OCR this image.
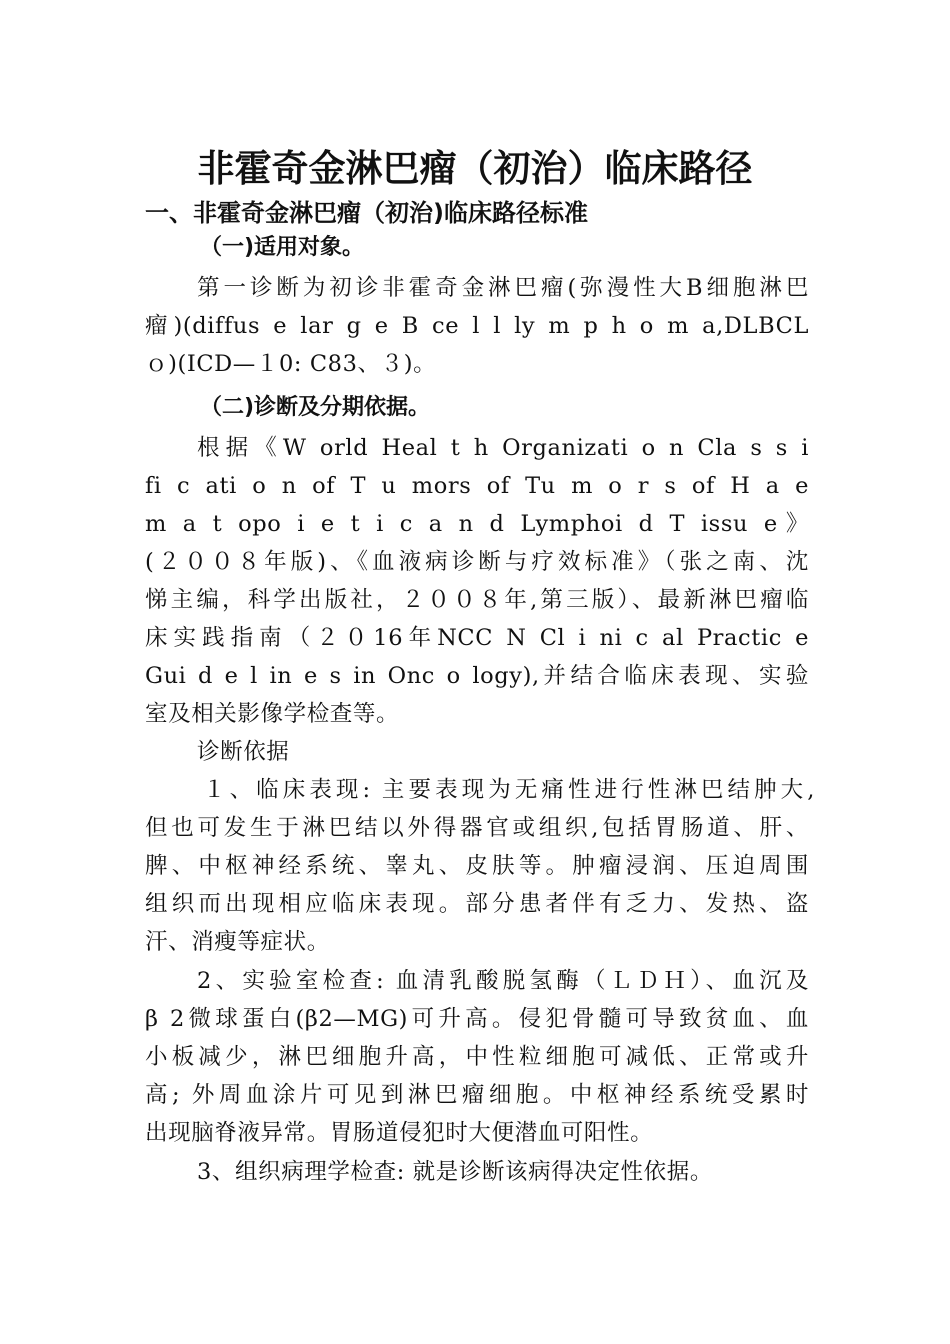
非霍奇金淋巴瘤（初治）临床路径
一、非霍奇金淋巴瘤（初治)临床路径标准
（一)适用对象。
第一诊断为初诊非霍奇金淋巴瘤(弥漫性大B细胞淋巴
瘤)(diffus e lar g e B ce l l ly m p h o m a,DLBCL
ｏ)(ICD—１0: C83、３)。
（二)诊断及分期依据。
根据《W orld Heal t h Organizati o n Cla s s i
fi c ati o n of T u mors of Tu m o r s of H a e
m a t opo i e t i c a n d Lymphoi d T issu e》
(２００８年版)、《血液病诊断与疗效标准》（张之南、沈
悌主编，科学出版社，２００８年,第三版）、最新淋巴瘤临
床实践指南（２０16年NCC N Cl i ni c al Practic e
Gui d e l in e s in Onc o logy),并结合临床表现、实验
室及相关影像学检查等。
诊断依据
１、临床表现: 主要表现为无痛性进行性淋巴结肿大,
但也可发生于淋巴结以外得器官或组织,包括胃肠道、肝、
脾、中枢神经系统、睾丸、皮肤等。肿瘤浸润、压迫周围
组织而出现相应临床表现。部分患者伴有乏力、发热、盗
汗、消瘦等症状。
2、实验室检查: 血清乳酸脱氢酶（ＬＤＨ）、血沉及
β 2微球蛋白(β2—MG)可升高。侵犯骨髓可导致贫血、血
小板减少，淋巴细胞升高，中性粒细胞可减低、正常或升
高; 外周血涂片可见到淋巴瘤细胞。中枢神经系统受累时
出现脑脊液异常。胃肠道侵犯时大便潜血可阳性。
3、组织病理学检查: 就是诊断该病得决定性依据。
